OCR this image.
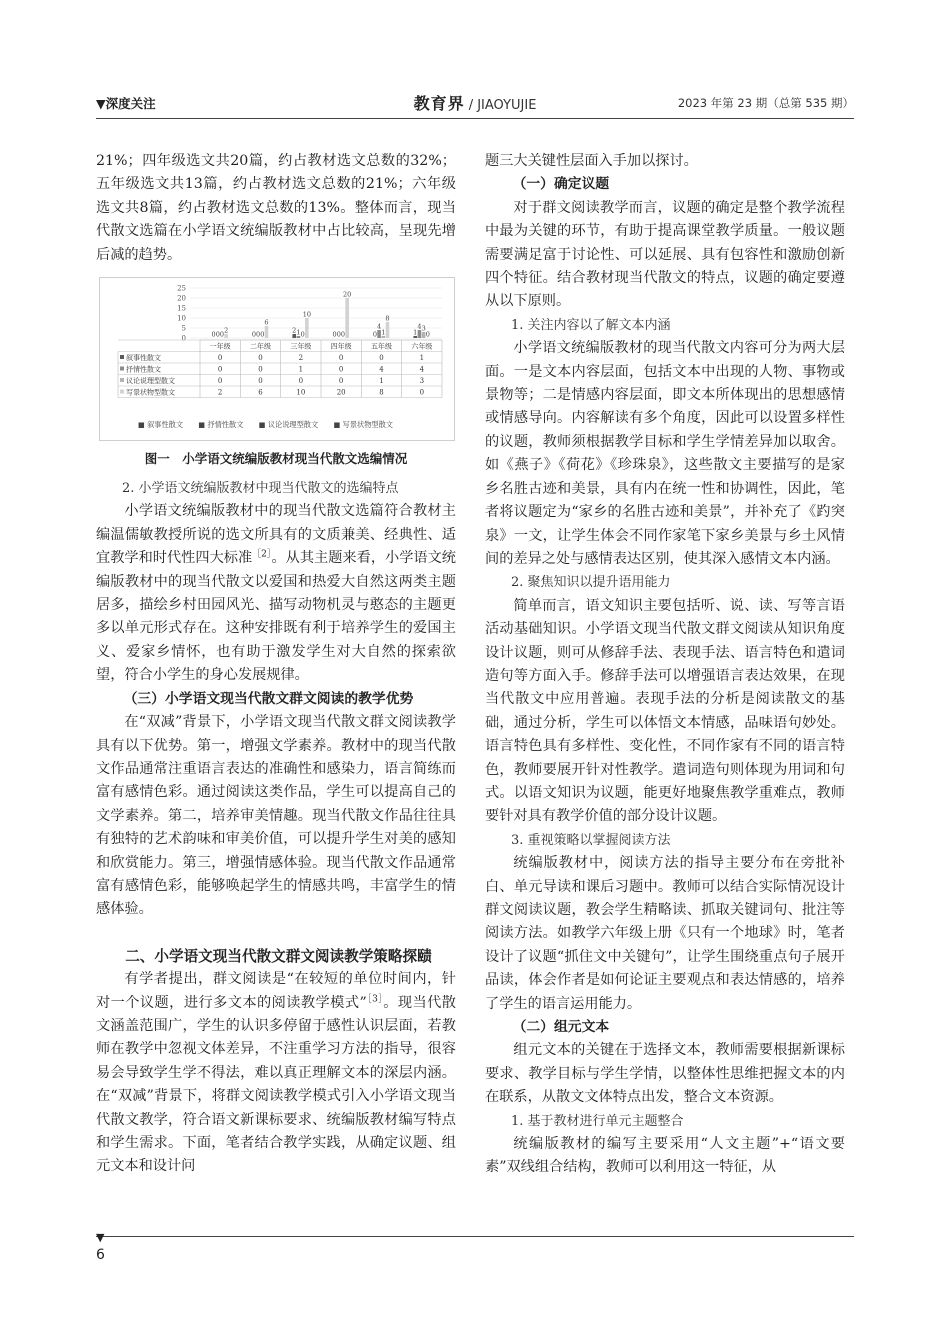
▼深度关注	教育界 / JIAOYUJIE	2023 年第 23 期（总第 535 期）

21%；四年级选文共20篇，约占教材选文总数的32%；五年级选文共13篇，约占教材选文总数的21%；六年级选文共8篇，约占教材选文总数的13%。整体而言，现当代散文选篇在小学语文统编版教材中占比较高，呈现先增后减的趋势。

0
5
10
15
20
25
0 0 0 2	0 0 0
6
2 1 0
10
0 0 0
20
0
4
1
8
1
4 3
0
一年级	二年级	三年级	四年级	五年级	六年级
叙事性散文	0	0	2	0	0	1
抒情性散文	0	0	1	0	4	4
议论说理型散文	0	0	0	0	1	3
写景状物型散文	2	6	10	20	8	0
■ 叙事性散文 ■ 抒情性散文 ■ 议论说理型散文 ■ 写景状物型散文
图一　小学语文统编版教材现当代散文选编情况

2. 小学语文统编版教材中现当代散文的选编特点

小学语文统编版教材中的现当代散文选篇符合教材主编温儒敏教授所说的选文所具有的文质兼美、经典性、适宜教学和时代性四大标准$^{[2]}$。从其主题来看，小学语文统编版教材中的现当代散文以爱国和热爱大自然这两类主题居多，描绘乡村田园风光、描写动物机灵与憨态的主题更多以单元形式存在。这种安排既有利于培养学生的爱国主义、爱家乡情怀，也有助于激发学生对大自然的探索欲望，符合小学生的身心发展规律。

（三）小学语文现当代散文群文阅读的教学优势

在“双减”背景下，小学语文现当代散文群文阅读教学具有以下优势。第一，增强文学素养。教材中的现当代散文作品通常注重语言表达的准确性和感染力，语言简练而富有感情色彩。通过阅读这类作品，学生可以提高自己的文学素养。第二，培养审美情趣。现当代散文作品往往具有独特的艺术韵味和审美价值，可以提升学生对美的感知和欣赏能力。第三，增强情感体验。现当代散文作品通常富有感情色彩，能够唤起学生的情感共鸣，丰富学生的情感体验。

二、小学语文现当代散文群文阅读教学策略探赜

有学者提出，群文阅读是“在较短的单位时间内，针对一个议题，进行多文本的阅读教学模式”$^{[3]}$。现当代散文涵盖范围广，学生的认识多停留于感性认识层面，若教师在教学中忽视文体差异，不注重学习方法的指导，很容易会导致学生学不得法，难以真正理解文本的深层内涵。在“双减”背景下，将群文阅读教学模式引入小学语文现当代散文教学，符合语文新课标要求、统编版教材编写特点和学生需求。下面，笔者结合教学实践，从确定议题、组元文本和设计问

题三大关键性层面入手加以探讨。

（一）确定议题

对于群文阅读教学而言，议题的确定是整个教学流程中最为关键的环节，有助于提高课堂教学质量。一般议题需要满足富于讨论性、可以延展、具有包容性和激励创新四个特征。结合教材现当代散文的特点，议题的确定要遵从以下原则。

1. 关注内容以了解文本内涵

小学语文统编版教材的现当代散文内容可分为两大层面。一是文本内容层面，包括文本中出现的人物、事物或景物等；二是情感内容层面，即文本所体现出的思想感情或情感导向。内容解读有多个角度，因此可以设置多样性的议题，教师须根据教学目标和学生学情差异加以取舍。如《燕子》《荷花》《珍珠泉》，这些散文主要描写的是家乡名胜古迹和美景，具有内在统一性和协调性，因此，笔者将议题定为“家乡的名胜古迹和美景”，并补充了《趵突泉》一文，让学生体会不同作家笔下家乡美景与乡土风情间的差异之处与感情表达区别，使其深入感情文本内涵。

2. 聚焦知识以提升语用能力

简单而言，语文知识主要包括听、说、读、写等言语活动基础知识。小学语文现当代散文群文阅读从知识角度设计议题，则可从修辞手法、表现手法、语言特色和遣词造句等方面入手。修辞手法可以增强语言表达效果，在现当代散文中应用普遍。表现手法的分析是阅读散文的基础，通过分析，学生可以体悟文本情感，品味语句妙处。语言特色具有多样性、变化性，不同作家有不同的语言特色，教师要展开针对性教学。遣词造句则体现为用词和句式。以语文知识为议题，能更好地聚焦教学重难点，教师要针对具有教学价值的部分设计议题。

3. 重视策略以掌握阅读方法

统编版教材中，阅读方法的指导主要分布在旁批补白、单元导读和课后习题中。教师可以结合实际情况设计群文阅读议题，教会学生精略读、抓取关键词句、批注等阅读方法。如教学六年级上册《只有一个地球》时，笔者设计了议题“抓住文中关键句”，让学生围绕重点句子展开品读，体会作者是如何论证主要观点和表达情感的，培养了学生的语言运用能力。

（二）组元文本

组元文本的关键在于选择文本，教师需要根据新课标要求、教学目标与学生学情，以整体性思维把握文本的内在联系，从散文文体特点出发，整合文本资源。

1. 基于教材进行单元主题整合

统编版教材的编写主要采用“人文主题”+“语文要素”双线组合结构，教师可以利用这一特征，从

▼
6
